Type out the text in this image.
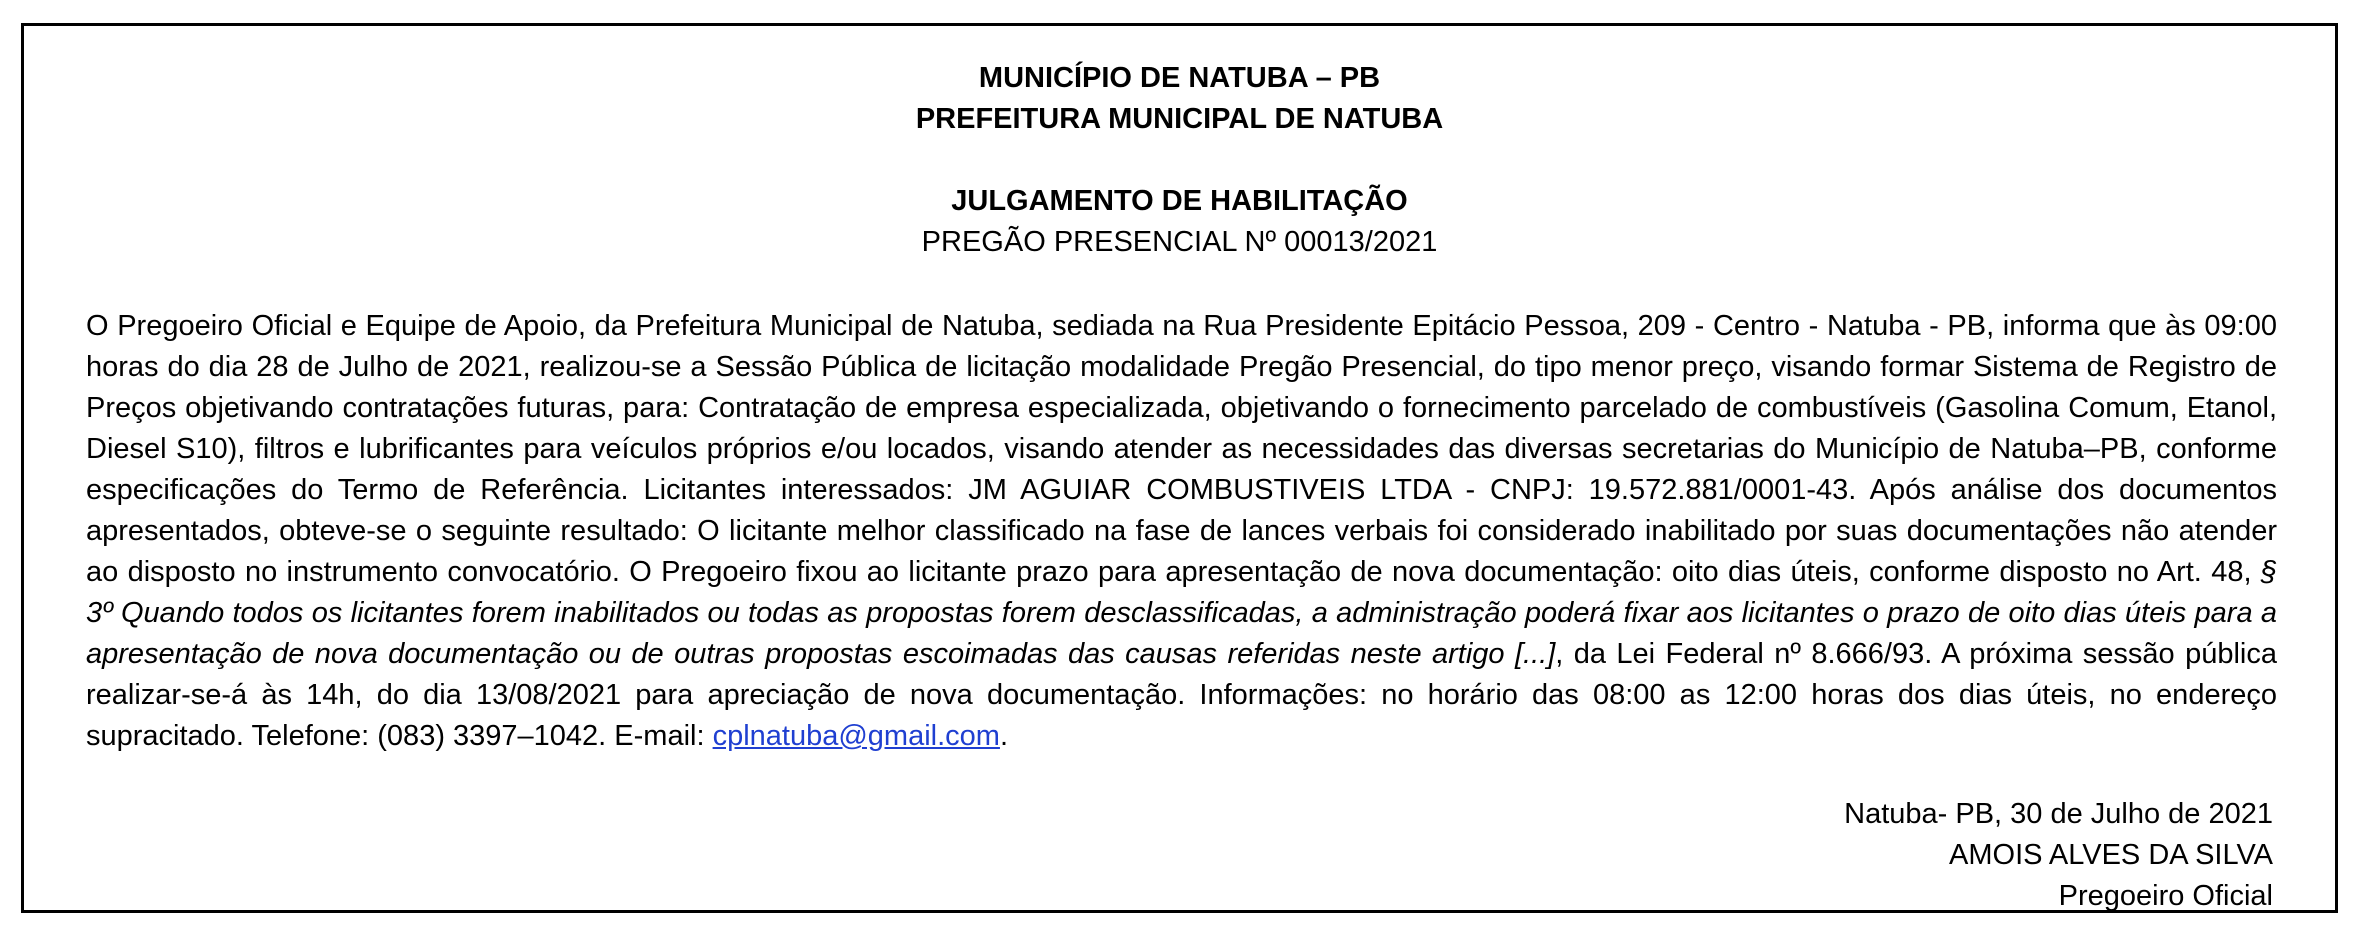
MUNICÍPIO DE NATUBA – PB
PREFEITURA MUNICIPAL DE NATUBA
JULGAMENTO DE HABILITAÇÃO
PREGÃO PRESENCIAL Nº 00013/2021
O Pregoeiro Oficial e Equipe de Apoio, da Prefeitura Municipal de Natuba, sediada na Rua Presidente Epitácio Pessoa, 209 - Centro - Natuba - PB, informa que às 09:00 horas do dia 28 de Julho de 2021, realizou-se a Sessão Pública de licitação modalidade Pregão Presencial, do tipo menor preço, visando formar Sistema de Registro de Preços objetivando contratações futuras, para: Contratação de empresa especializada, objetivando o fornecimento parcelado de combustíveis (Gasolina Comum, Etanol, Diesel S10), filtros e lubrificantes para veículos próprios e/ou locados, visando atender as necessidades das diversas secretarias do Município de Natuba–PB, conforme especificações do Termo de Referência. Licitantes interessados: JM AGUIAR COMBUSTIVEIS LTDA - CNPJ: 19.572.881/0001-43. Após análise dos documentos apresentados, obteve-se o seguinte resultado: O licitante melhor classificado na fase de lances verbais foi considerado inabilitado por suas documentações não atender ao disposto no instrumento convocatório. O Pregoeiro fixou ao licitante prazo para apresentação de nova documentação: oito dias úteis, conforme disposto no Art. 48, § 3º Quando todos os licitantes forem inabilitados ou todas as propostas forem desclassificadas, a administração poderá fixar aos licitantes o prazo de oito dias úteis para a apresentação de nova documentação ou de outras propostas escoimadas das causas referidas neste artigo [...], da Lei Federal nº 8.666/93. A próxima sessão pública realizar-se-á às 14h, do dia 13/08/2021 para apreciação de nova documentação. Informações: no horário das 08:00 as 12:00 horas dos dias úteis, no endereço supracitado. Telefone: (083) 3397–1042. E-mail: cplnatuba@gmail.com.
Natuba- PB, 30 de Julho de 2021
AMOIS ALVES DA SILVA
Pregoeiro Oficial
